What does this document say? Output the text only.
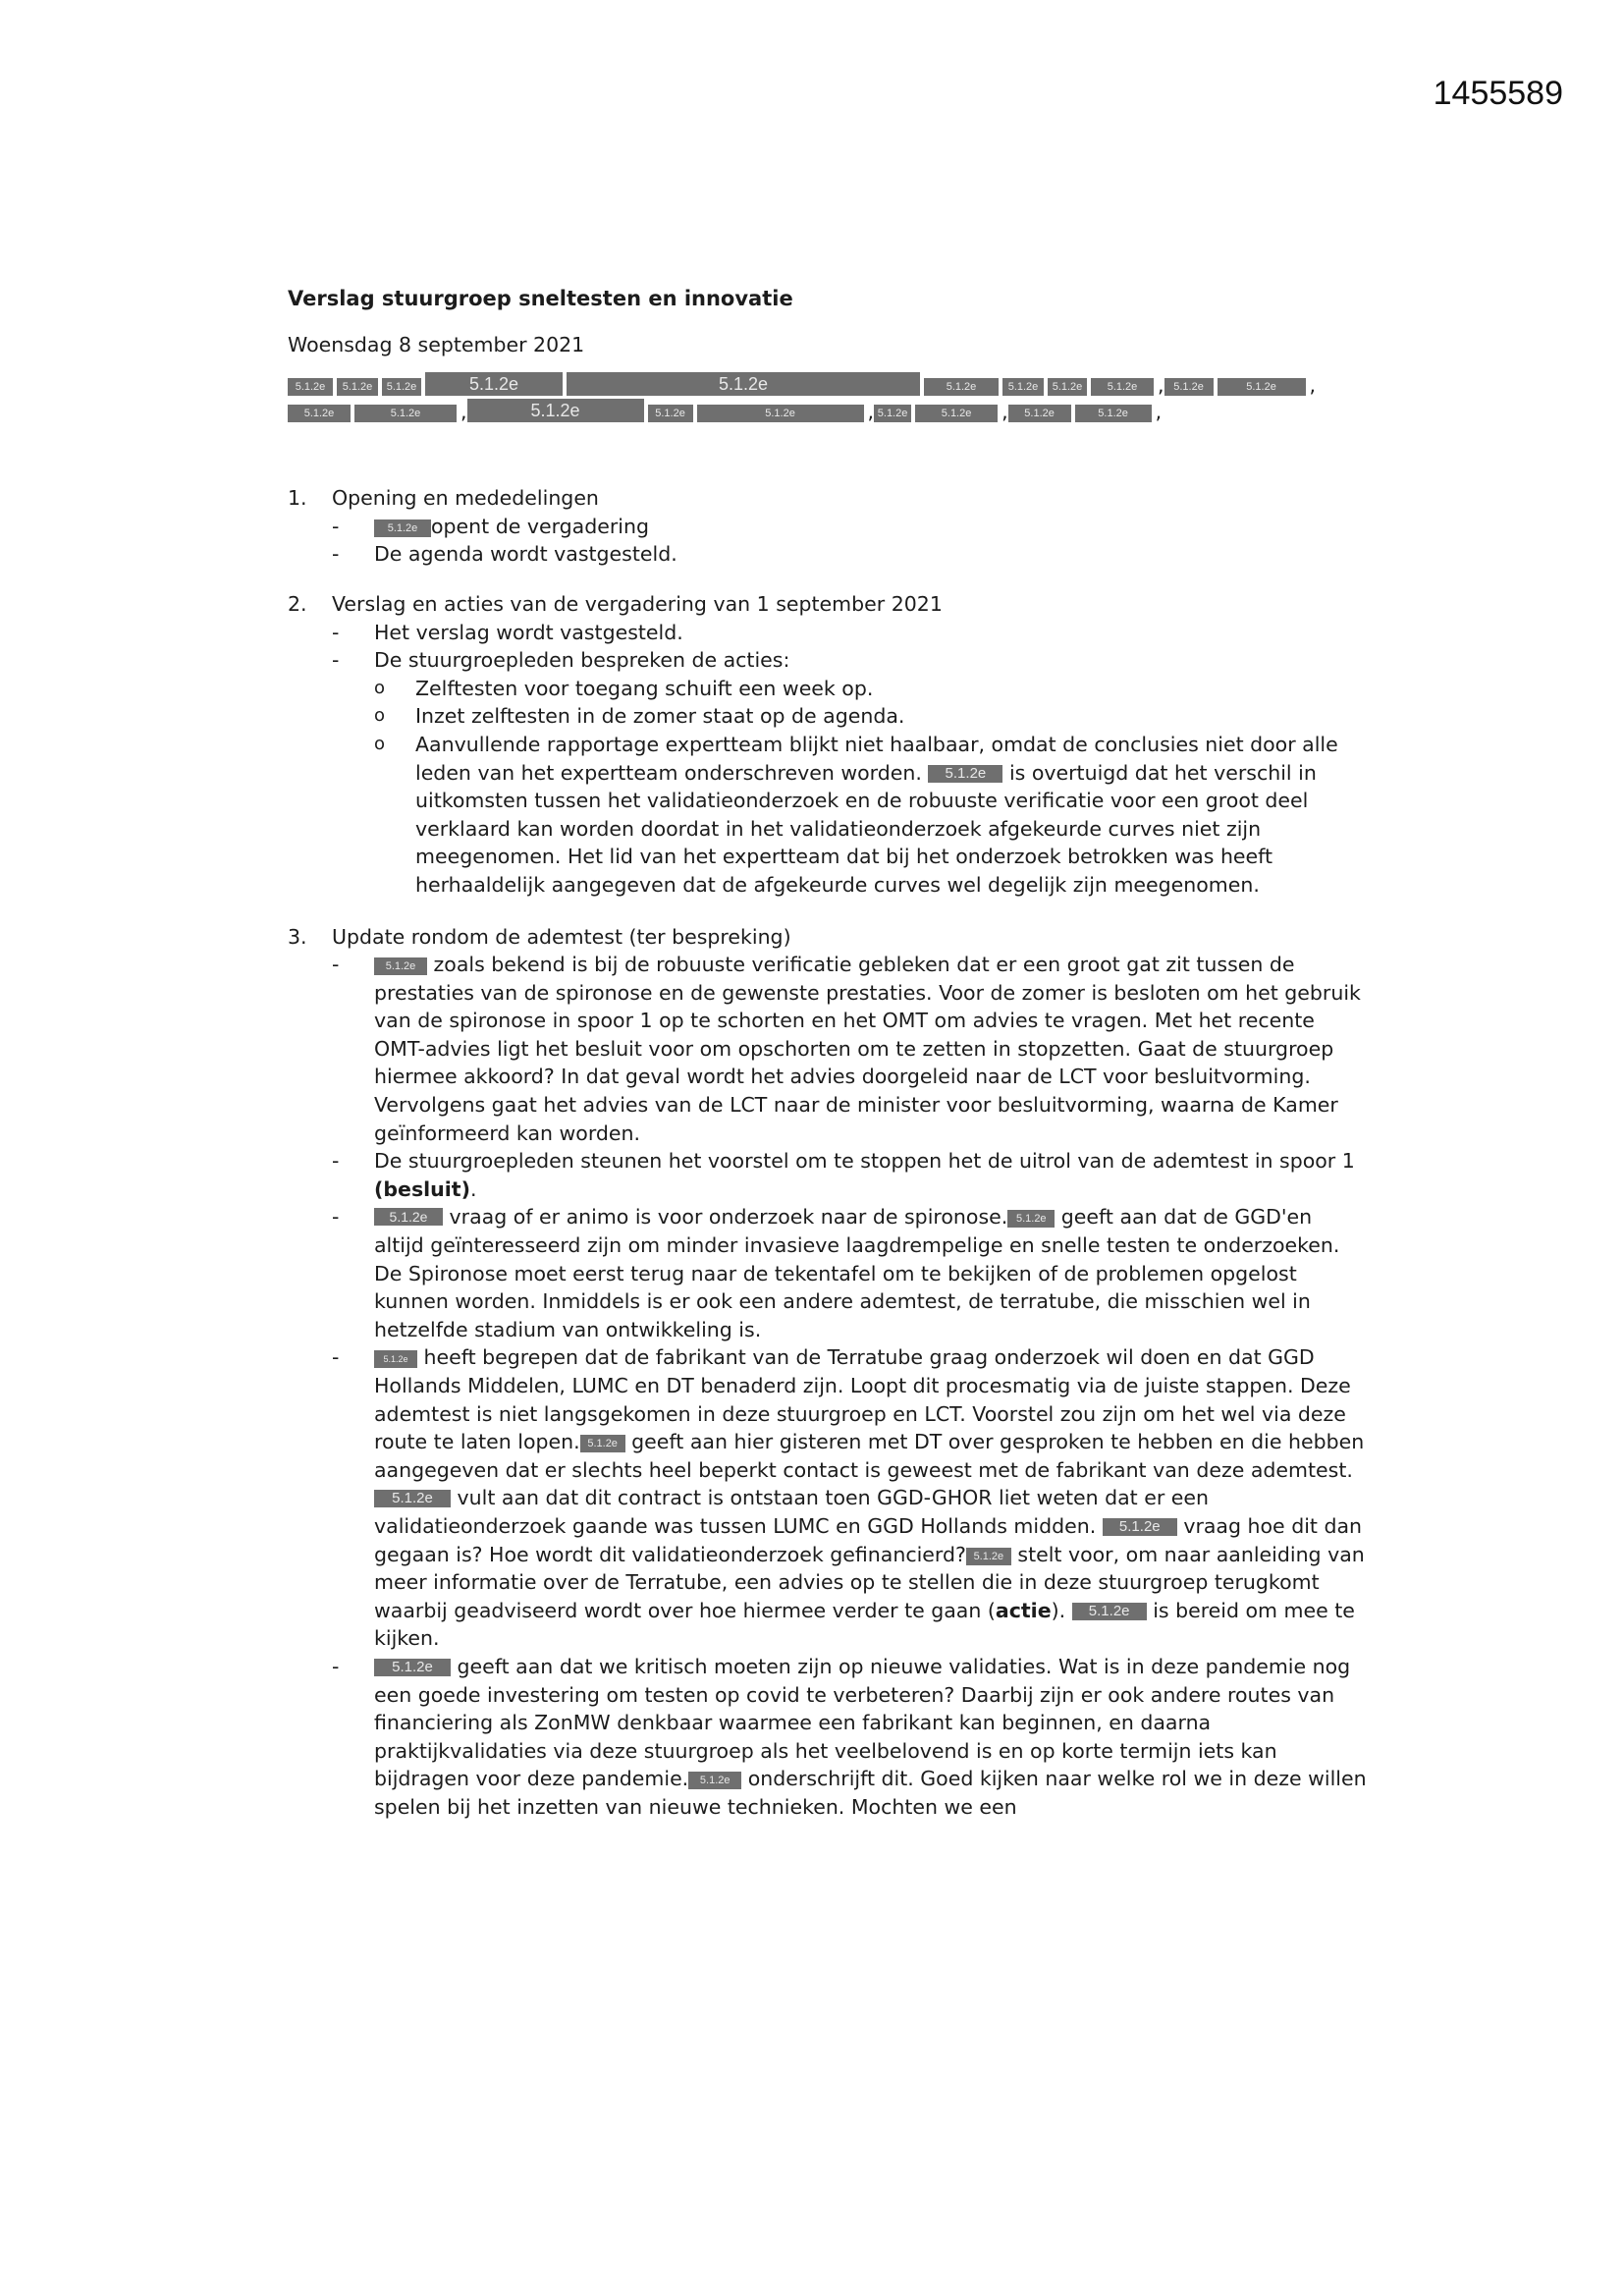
1455589
Verslag stuurgroep sneltesten en innovatie
Woensdag 8 september 2021
5.1.2e 5.1.2e 5.1.2e	5.1.2e	5.1.2e	5.1.2e	5.1.2e 5.1.2e 5.1.2e , 5.1.2e	5.1.2e ,
5.1.2e	5.1.2e ,	5.1.2e	5.1.2e	5.1.2e	, 5.1.2e	5.1.2e , 5.1.2e	5.1.2e ,
1. Opening en mededelingen
- 5.1.2e opent de vergadering
- De agenda wordt vastgesteld.
2. Verslag en acties van de vergadering van 1 september 2021
- Het verslag wordt vastgesteld.
- De stuurgroepleden bespreken de acties:
o Zelftesten voor toegang schuift een week op.
o Inzet zelftesten in de zomer staat op de agenda.
o Aanvullende rapportage expertteam blijkt niet haalbaar, omdat de conclusies niet door alle leden van het expertteam onderschreven worden. 5.1.2e is overtuigd dat het verschil in uitkomsten tussen het validatieonderzoek en de robuuste verificatie voor een groot deel verklaard kan worden doordat in het validatieonderzoek afgekeurde curves niet zijn meegenomen. Het lid van het expertteam dat bij het onderzoek betrokken was heeft herhaaldelijk aangegeven dat de afgekeurde curves wel degelijk zijn meegenomen.
3. Update rondom de ademtest (ter bespreking)
- 5.1.2e zoals bekend is bij de robuuste verificatie gebleken dat er een groot gat zit tussen de prestaties van de spironose en de gewenste prestaties. Voor de zomer is besloten om het gebruik van de spironose in spoor 1 op te schorten en het OMT om advies te vragen. Met het recente OMT-advies ligt het besluit voor om opschorten om te zetten in stopzetten. Gaat de stuurgroep hiermee akkoord? In dat geval wordt het advies doorgeleid naar de LCT voor besluitvorming. Vervolgens gaat het advies van de LCT naar de minister voor besluitvorming, waarna de Kamer geïnformeerd kan worden.
- De stuurgroepleden steunen het voorstel om te stoppen het de uitrol van de ademtest in spoor 1 (besluit).
- 5.1.2e vraag of er animo is voor onderzoek naar de spironose. 5.1.2e geeft aan dat de GGD'en altijd geïnteresseerd zijn om minder invasieve laagdrempelige en snelle testen te onderzoeken. De Spironose moet eerst terug naar de tekentafel om te bekijken of de problemen opgelost kunnen worden. Inmiddels is er ook een andere ademtest, de terratube, die misschien wel in hetzelfde stadium van ontwikkeling is.
- 5.1.2e heeft begrepen dat de fabrikant van de Terratube graag onderzoek wil doen en dat GGD Hollands Middelen, LUMC en DT benaderd zijn. Loopt dit procesmatig via de juiste stappen. Deze ademtest is niet langsgekomen in deze stuurgroep en LCT. Voorstel zou zijn om het wel via deze route te laten lopen. 5.1.2e geeft aan hier gisteren met DT over gesproken te hebben en die hebben aangegeven dat er slechts heel beperkt contact is geweest met de fabrikant van deze ademtest.5.1.2e vult aan dat dit contract is ontstaan toen GGD-GHOR liet weten dat er een validatieonderzoek gaande was tussen LUMC en GGD Hollands midden. 5.1.2e vraag hoe dit dan gegaan is? Hoe wordt dit validatieonderzoek gefinancierd? 5.1.2e stelt voor, om naar aanleiding van meer informatie over de Terratube, een advies op te stellen die in deze stuurgroep terugkomt waarbij geadviseerd wordt over hoe hiermee verder te gaan (actie). 5.1.2e is bereid om mee te kijken.
- 5.1.2e geeft aan dat we kritisch moeten zijn op nieuwe validaties. Wat is in deze pandemie nog een goede investering om testen op covid te verbeteren? Daarbij zijn er ook andere routes van financiering als ZonMW denkbaar waarmee een fabrikant kan beginnen, en daarna praktijkvalidaties via deze stuurgroep als het veelbelovend is en op korte termijn iets kan bijdragen voor deze pandemie. 5.1.2e onderschrijft dit. Goed kijken naar welke rol we in deze willen spelen bij het inzetten van nieuwe technieken. Mochten we een
